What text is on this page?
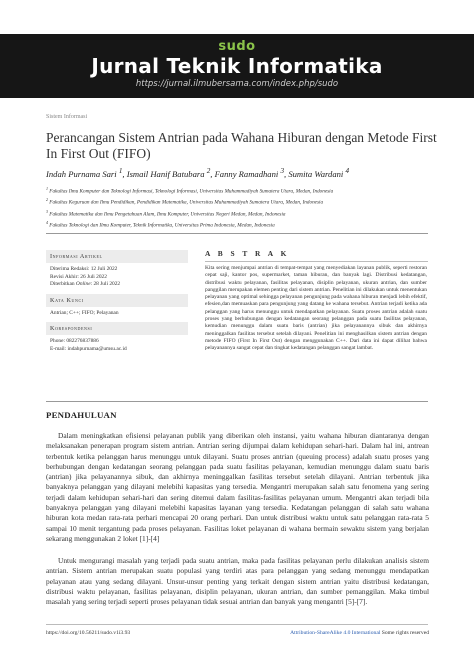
sudo
Jurnal Teknik Informatika
https://jurnal.ilmubersama.com/index.php/sudo
Sistem Informasi
Perancangan Sistem Antrian pada Wahana Hiburan dengan Metode First In First Out (FIFO)
Indah Purnama Sari $^1$, Ismail Hanif Batubara $^2$, Fanny Ramadhani $^3$, Sumita Wardani $^4$
$^1$ Fakultas Ilmu Komputer dan Teknologi Informasi, Teknologi Informasi, Universitas Muhammadiyah Sumatera Utara, Medan, Indonesia
$^2$ Fakultas Keguruan dan Ilmu Pendidikan, Pendidikan Matematika, Universitas Muhammadiyah Sumatera Utara, Medan, Indonesia
$^3$ Fakultas Matematika dan Ilmu Pengetahuan Alam, Ilmu Komputer, Universitas Negeri Medan, Medan, Indonesia
$^4$ Fakultas Teknologi dan Ilmu Komputer, Teknik Informatika, Universitas Prima Indonesia, Medan, Indonesia
Informasi Artikel
Diterima Redaksi: 12 Juli 2022
Revisi Akhir: 26 Juli 2022
Diterbitkan Online: 28 Juli 2022
Kata Kunci
Antrian; C++; FIFO; Pelayanan
Korespondensi
Phone: 082276837886
E-mail: indahpurnama@umsu.ac.id
A B S T R A K
Kita sering menjumpai antrian di tempat-tempat yang menyediakan layanan publik, seperti restoran cepat saji, kantor pos, supermarket, taman hiburan, dan banyak lagi. Distribusi kedatangan, distribusi waktu pelayanan, fasilitas pelayanan, disiplin pelayanan, ukuran antrian, dan sumber panggilan merupakan elemen penting dari sistem antrian. Penelitian ini dilakukan untuk menentukan pelayanan yang optimal sehingga pelayanan pengunjung pada wahana hiburan menjadi lebih efektif, efesien,dan memuaskan para pengunjung yang datang ke wahana tersebut. Antrian terjadi ketika ada pelanggan yang harus menunggu untuk mendapatkan pelayanan. Suatu proses antrian adalah suatu proses yang berhubungan dengan kedatangan seorang pelanggan pada suatu fasilitas pelayanan, kemudian menunggu dalam suatu baris (antrian) jika pelayanannya sibuk dan akhirnya meninggalkan fasilitas tersebut setelah dilayani. Penelitian ini menghasilkan sistem antrian dengan metode FIFO (First In First Out) dengan menggunakan C++. Dari data ini dapat dilihat bahwa pelayanannya sangat cepat dan tingkat kedatangan pelanggan sangat lambat.
PENDAHULUAN
Dalam meningkatkan efisiensi pelayanan publik yang diberikan oleh instansi, yaitu wahana hiburan diantaranya dengan melaksanakan penerapan program sistem antrian. Antrian sering dijumpai dalam kehidupan sehari-hari. Dalam hal ini, antrean terbentuk ketika pelanggan harus menunggu untuk dilayani. Suatu proses antrian (queuing process) adalah suatu proses yang berhubungan dengan kedatangan seorang pelanggan pada suatu fasilitas pelayanan, kemudian menunggu dalam suatu baris (antrian) jika pelayanannya sibuk, dan akhirnya meninggalkan fasilitas tersebut setelah dilayani. Antrian terbentuk jika banyaknya pelanggan yang dilayani melebihi kapasitas yang tersedia. Mengantri merupakan salah satu fenomena yang sering terjadi dalam kehidupan sehari-hari dan sering ditemui dalam fasilitas-fasilitas pelayanan umum. Mengantri akan terjadi bila banyaknya pelanggan yang dilayani melebihi kapasitas layanan yang tersedia. Kedatangan pelanggan di salah satu wahana hiburan kota medan rata-rata perhari mencapai 20 orang perhari. Dan untuk distribusi waktu untuk satu pelanggan rata-rata 5 sampai 10 menit tergantung pada proses pelayanan. Fasilitas loket pelayanan di wahana bermain sewaktu sistem yang berjalan sekarang menggunakan 2 loket [1]-[4]
Untuk mengurangi masalah yang terjadi pada suatu antrian, maka pada fasilitas pelayanan perlu dilakukan analisis sistem antrian. Sistem antrian merupakan suatu populasi yang terdiri atas para pelanggan yang sedang menunggu mendapatkan pelayanan atau yang sedang dilayani. Unsur-unsur penting yang terkait dengan sistem antrian yaitu distribusi kedatangan, distribusi waktu pelayanan, fasilitas pelayanan, disiplin pelayanan, ukuran antrian, dan sumber pemanggilan. Maka timbul masalah yang sering terjadi seperti proses pelayanan tidak sesuai antrian dan banyak yang mengantri [5]-[7].
https://doi.org/10.56211/sudo.v1i3.93	Attribution-ShareAlike 4.0 International Some rights reserved
